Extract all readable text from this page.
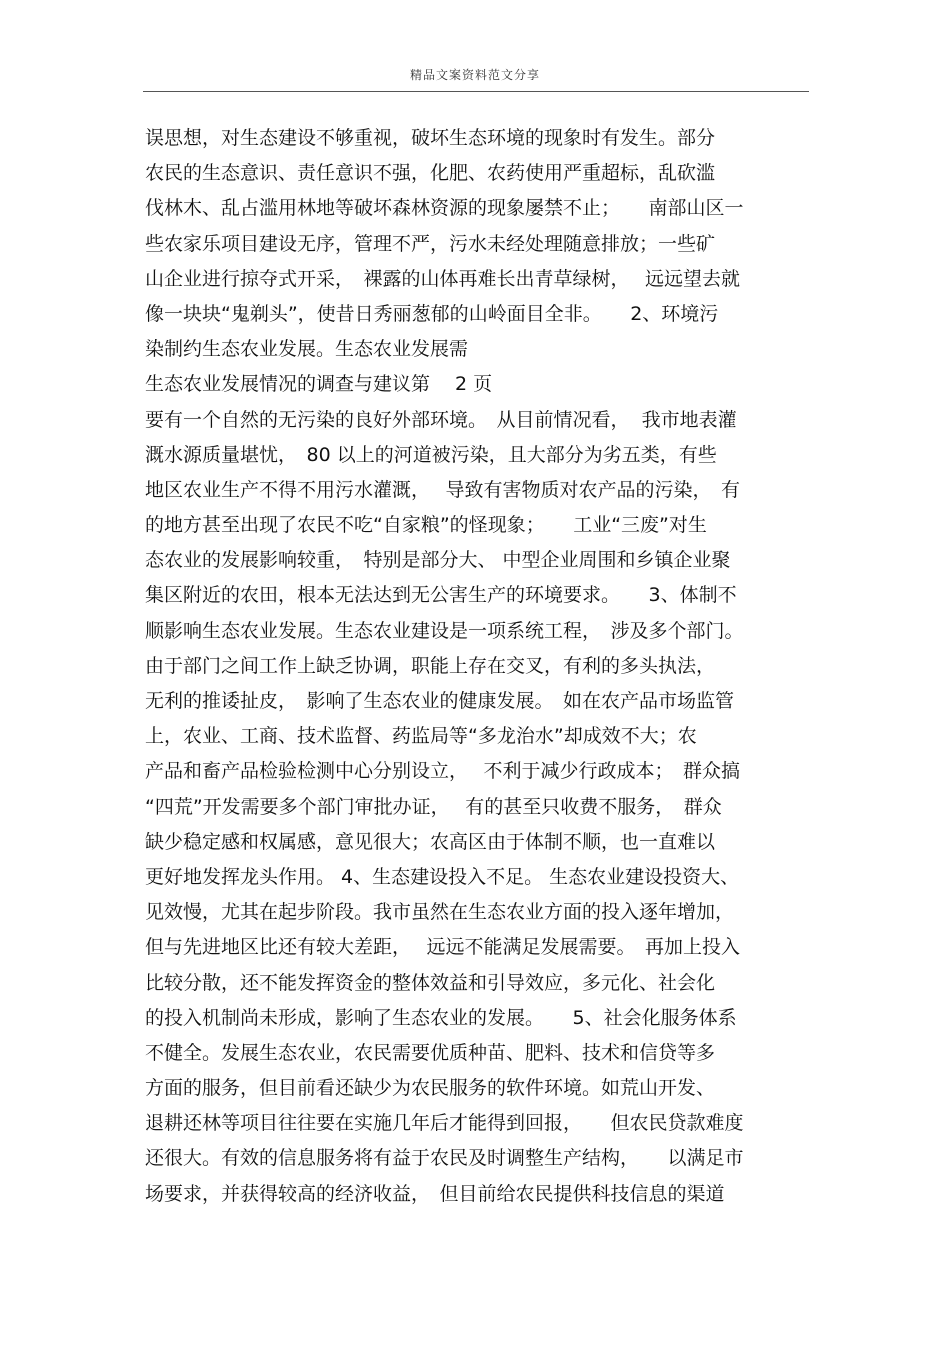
精品文案资料范文分享
误思想，对生态建设不够重视，破坏生态环境的现象时有发生。部分
农民的生态意识、责任意识不强，化肥、农药使用严重超标，乱砍滥
伐林木、乱占滥用林地等破坏森林资源的现象屡禁不止；　　南部山区一
些农家乐项目建设无序，管理不严，污水未经处理随意排放；一些矿
山企业进行掠夺式开采，　裸露的山体再难长出青草绿树，　 远远望去就
像一块块“鬼剃头”，使昔日秀丽葱郁的山岭面目全非。　　2、环境污
染制约生态农业发展。生态农业发展需
生态农业发展情况的调查与建议第　 2 页
要有一个自然的无污染的良好外部环境。　从目前情况看，  我市地表灌
溉水源质量堪忧，　80 以上的河道被污染，且大部分为劣五类，有些
地区农业生产不得不用污水灌溉，　 导致有害物质对农产品的污染，　有
的地方甚至出现了农民不吃“自家粮”的怪现象；　　工业“三废”对生
态农业的发展影响较重，　特别是部分大、 中型企业周围和乡镇企业聚
集区附近的农田，根本无法达到无公害生产的环境要求。　　3、体制不
顺影响生态农业发展。生态农业建设是一项系统工程，　涉及多个部门。
由于部门之间工作上缺乏协调，职能上存在交叉，有利的多头执法，
无利的推诿扯皮，　影响了生态农业的健康发展。　如在农产品市场监管
上，农业、工商、技术监督、药监局等“多龙治水”却成效不大；农
产品和畜产品检验检测中心分别设立，　 不利于减少行政成本；　群众搞
“四荒”开发需要多个部门审批办证，　 有的甚至只收费不服务，　群众
缺少稳定感和权属感，意见很大；农高区由于体制不顺，也一直难以
更好地发挥龙头作用。 4、生态建设投入不足。 生态农业建设投资大、
见效慢，尤其在起步阶段。我市虽然在生态农业方面的投入逐年增加，
但与先进地区比还有较大差距，　 远远不能满足发展需要。　再加上投入
比较分散，还不能发挥资金的整体效益和引导效应，多元化、社会化
的投入机制尚未形成，影响了生态农业的发展。　　5、社会化服务体系
不健全。发展生态农业，农民需要优质种苗、肥料、技术和信贷等多
方面的服务，但目前看还缺少为农民服务的软件环境。如荒山开发、
退耕还林等项目往往要在实施几年后才能得到回报，　　但农民贷款难度
还很大。有效的信息服务将有益于农民及时调整生产结构，　　以满足市
场要求，并获得较高的经济收益，　但目前给农民提供科技信息的渠道
